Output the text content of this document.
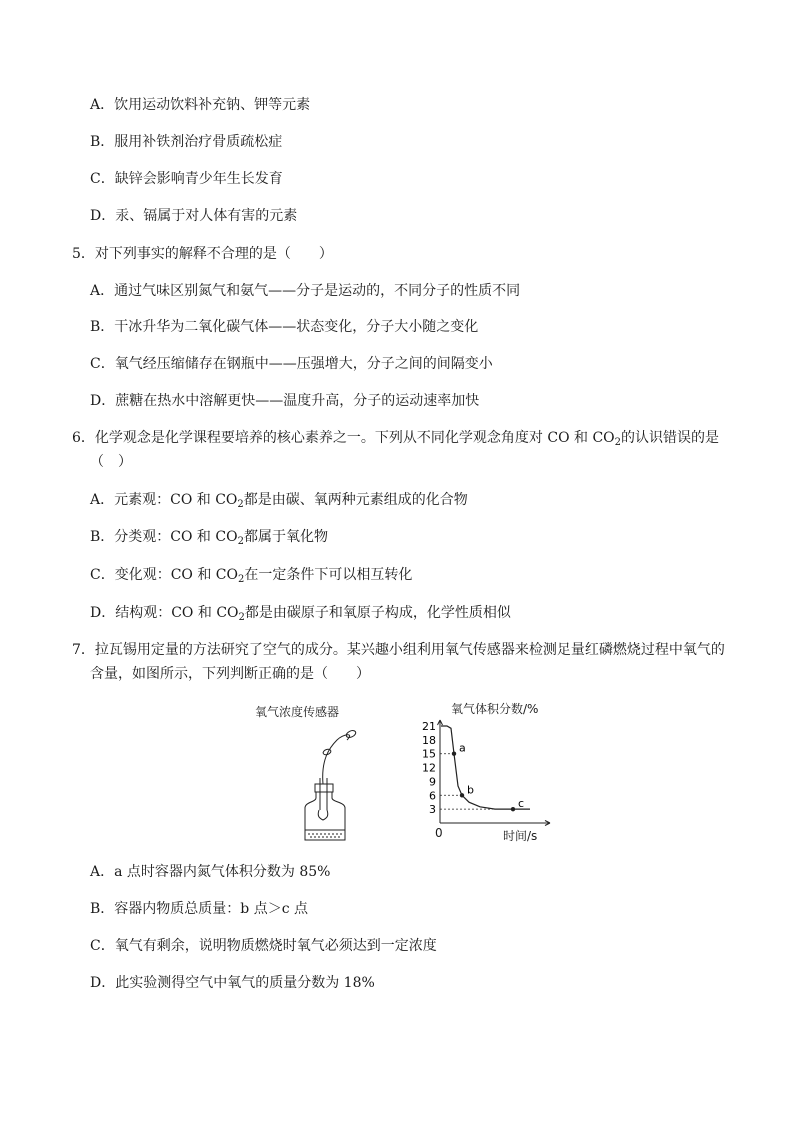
A．饮用运动饮料补充钠、钾等元素
B．服用补铁剂治疗骨质疏松症
C．缺锌会影响青少年生长发育
D．汞、镉属于对人体有害的元素
5．对下列事实的解释不合理的是（　　）
A．通过气味区别氮气和氨气——分子是运动的，不同分子的性质不同
B．干冰升华为二氧化碳气体——状态变化，分子大小随之变化
C．氧气经压缩储存在钢瓶中——压强增大，分子之间的间隔变小
D．蔗糖在热水中溶解更快——温度升高，分子的运动速率加快
6．化学观念是化学课程要培养的核心素养之一。下列从不同化学观念角度对 CO 和 $CO_2$的认识错误的是
（　）
A．元素观：CO 和 $CO_2$都是由碳、氧两种元素组成的化合物
B．分类观：CO 和 $CO_2$都属于氧化物
C．变化观：CO 和 $CO_2$在一定条件下可以相互转化
D．结构观：CO 和 $CO_2$都是由碳原子和氧原子构成，化学性质相似
7．拉瓦锡用定量的方法研究了空气的成分。某兴趣小组利用氧气传感器来检测足量红磷燃烧过程中氧气的
含量，如图所示，下列判断正确的是（　　）
氧气浓度传感器
21
18
15
12
9
6
3
a
b
c
氧气体积分数/%
时间/s
0
A．a 点时容器内氮气体积分数为 85%
B．容器内物质总质量：b 点＞c 点
C．氧气有剩余，说明物质燃烧时氧气必须达到一定浓度
D．此实验测得空气中氧气的质量分数为 18%
